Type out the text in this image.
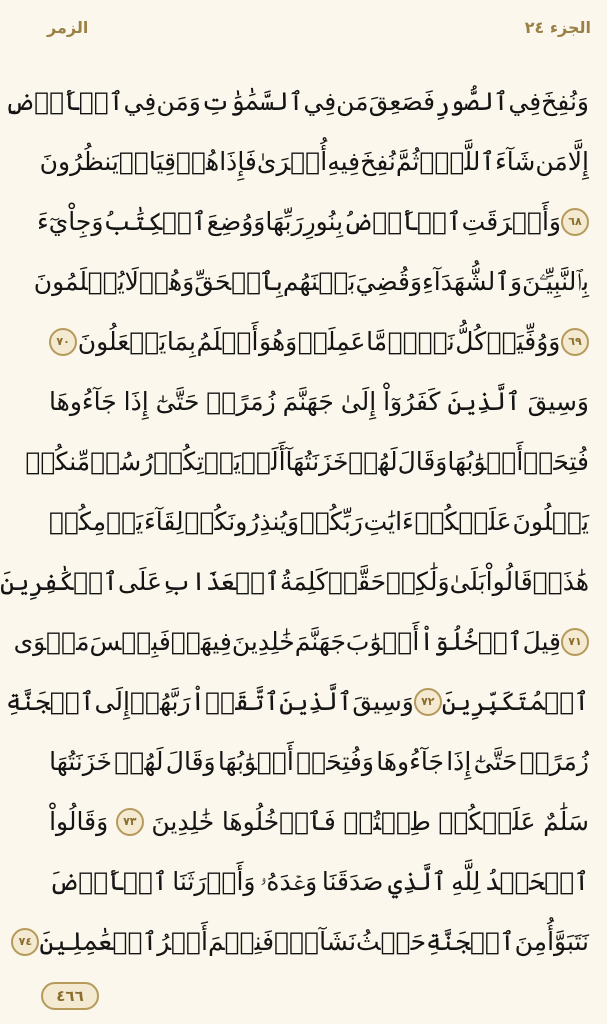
الجزء ٢٤
الزمر
وَنُفِخَ
فِي
ٱلصُّورِ
فَصَعِقَ
مَن
فِي
ٱلسَّمَٰوَٰتِ
وَمَن
فِي
ٱلۡأَرۡضِ
إِلَّا
مَن
شَآءَ
ٱللَّهُۖ
ثُمَّ
نُفِخَ
فِيهِ
أُخۡرَىٰ
فَإِذَا
هُمۡ
قِيَامٞ
يَنظُرُونَ
٦٨
وَأَشۡرَقَتِ
ٱلۡأَرۡضُ
بِنُورِ
رَبِّهَا
وَوُضِعَ
ٱلۡكِتَٰبُ
وَجِاْيٓءَ
بِٱلنَّبِيِّـۧنَ
وَٱلشُّهَدَآءِ
وَقُضِيَ
بَيۡنَهُم
بِٱلۡحَقِّ
وَهُمۡ
لَا
يُظۡلَمُونَ
٦٩
وَوُفِّيَتۡ
كُلُّ
نَفۡسٖ
مَّا
عَمِلَتۡ
وَهُوَ
أَعۡلَمُ
بِمَا
يَفۡعَلُونَ
٧٠
وَسِيقَ
ٱلَّذِينَ
كَفَرُوٓاْ
إِلَىٰ
جَهَنَّمَ
زُمَرًاۖ
حَتَّىٰٓ
إِذَا
جَآءُوهَا
فُتِحَتۡ
أَبۡوَٰبُهَا
وَقَالَ
لَهُمۡ
خَزَنَتُهَآ
أَلَمۡ
يَأۡتِكُمۡ
رُسُلٞ
مِّنكُمۡ
يَتۡلُونَ
عَلَيۡكُمۡ
ءَايَٰتِ
رَبِّكُمۡ
وَيُنذِرُونَكُمۡ
لِقَآءَ
يَوۡمِكُمۡ
هَٰذَاۚ
قَالُواْ
بَلَىٰ
وَلَٰكِنۡ
حَقَّتۡ
كَلِمَةُ
ٱلۡعَذَابِ
عَلَى
ٱلۡكَٰفِرِينَ
٧١
قِيلَ
ٱدۡخُلُوٓاْ
أَبۡوَٰبَ
جَهَنَّمَ
خَٰلِدِينَ
فِيهَاۖ
فَبِئۡسَ
مَثۡوَى
ٱلۡمُتَكَبِّرِينَ
٧٢
وَسِيقَ
ٱلَّذِينَ
ٱتَّقَوۡاْ
رَبَّهُمۡ
إِلَى
ٱلۡجَنَّةِ
زُمَرًاۖ
حَتَّىٰٓ
إِذَا
جَآءُوهَا
وَفُتِحَتۡ
أَبۡوَٰبُهَا
وَقَالَ
لَهُمۡ
خَزَنَتُهَا
سَلَٰمٌ
عَلَيۡكُمۡ
طِبۡتُمۡ
فَٱدۡخُلُوهَا
خَٰلِدِينَ
٧٣
وَقَالُواْ
ٱلۡحَمۡدُ
لِلَّهِ
ٱلَّذِي
صَدَقَنَا
وَعۡدَهُۥ
وَأَوۡرَثَنَا
ٱلۡأَرۡضَ
نَتَبَوَّأُ
مِنَ
ٱلۡجَنَّةِ
حَيۡثُ
نَشَآءُۖ
فَنِعۡمَ
أَجۡرُ
ٱلۡعَٰمِلِينَ
٧٤
٤٦٦
